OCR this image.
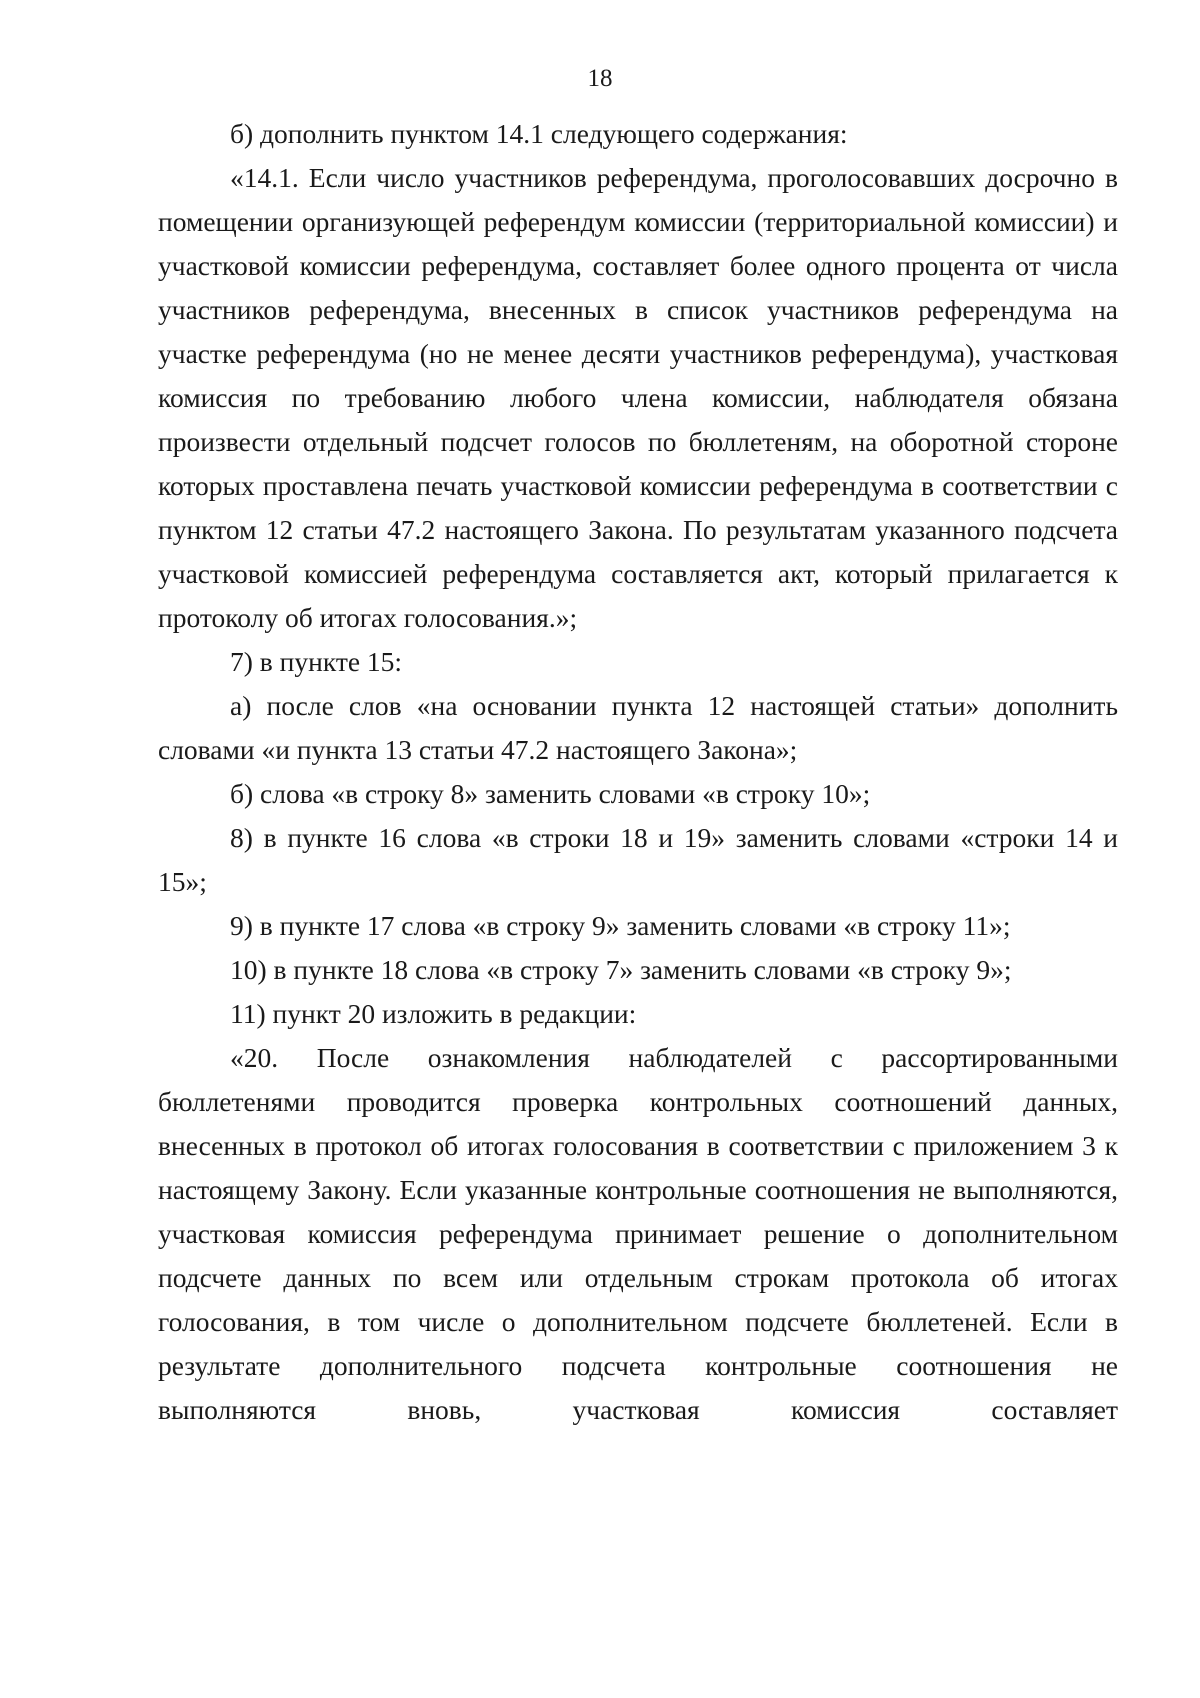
18

б) дополнить пунктом 14.1 следующего содержания:

«14.1. Если число участников референдума, проголосовавших досрочно в помещении организующей референдум комиссии (территориальной комиссии) и участковой комиссии референдума, составляет более одного процента от числа участников референдума, внесенных в список участников референдума на участке референдума (но не менее десяти участников референдума), участковая комиссия по требованию любого члена комиссии, наблюдателя обязана произвести отдельный подсчет голосов по бюллетеням, на оборотной стороне которых проставлена печать участковой комиссии референдума в соответствии с пунктом 12 статьи 47.2 настоящего Закона. По результатам указанного подсчета участковой комиссией референдума составляется акт, который прилагается к протоколу об итогах голосования.»;

7) в пункте 15:

а) после слов «на основании пункта 12 настоящей статьи» дополнить словами «и пункта 13 статьи 47.2 настоящего Закона»;

б) слова «в строку 8» заменить словами «в строку 10»;

8) в пункте 16 слова «в строки 18 и 19» заменить словами «строки 14 и 15»;

9) в пункте 17 слова «в строку 9» заменить словами «в строку 11»;

10) в пункте 18 слова «в строку 7» заменить словами «в строку 9»;

11) пункт 20 изложить в редакции:

«20. После ознакомления наблюдателей с рассортированными бюллетенями проводится проверка контрольных соотношений данных, внесенных в протокол об итогах голосования в соответствии с приложением 3 к настоящему Закону. Если указанные контрольные соотношения не выполняются, участковая комиссия референдума принимает решение о дополнительном подсчете данных по всем или отдельным строкам протокола об итогах голосования, в том числе о дополнительном подсчете бюллетеней. Если в результате дополнительного подсчета контрольные соотношения не выполняются вновь, участковая комиссия составляет
